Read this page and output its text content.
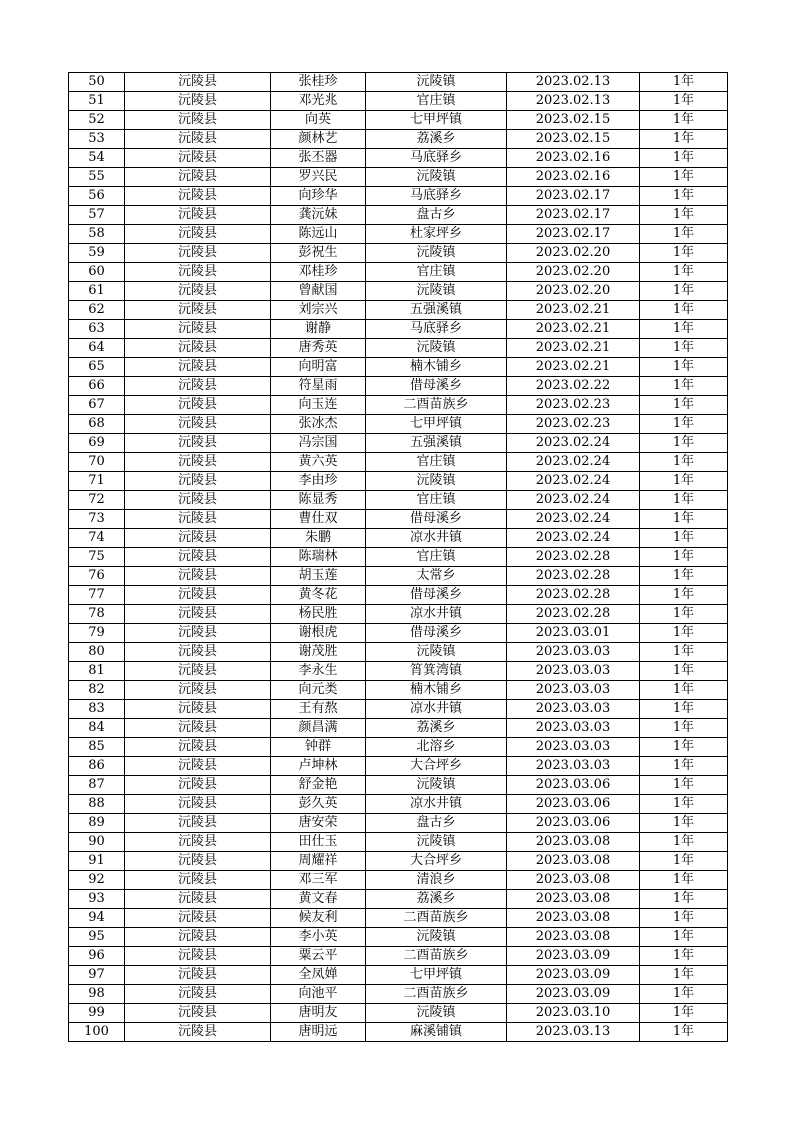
50	沅陵县	张桂珍	沅陵镇	2023.02.13	1年
51	沅陵县	邓光兆	官庄镇	2023.02.13	1年
52	沅陵县	向英	七甲坪镇	2023.02.15	1年
53	沅陵县	颜林艺	荔溪乡	2023.02.15	1年
54	沅陵县	张丕器	马底驿乡	2023.02.16	1年
55	沅陵县	罗兴民	沅陵镇	2023.02.16	1年
56	沅陵县	向珍华	马底驿乡	2023.02.17	1年
57	沅陵县	龚沅妹	盘古乡	2023.02.17	1年
58	沅陵县	陈远山	杜家坪乡	2023.02.17	1年
59	沅陵县	彭祝生	沅陵镇	2023.02.20	1年
60	沅陵县	邓桂珍	官庄镇	2023.02.20	1年
61	沅陵县	曾献国	沅陵镇	2023.02.20	1年
62	沅陵县	刘宗兴	五强溪镇	2023.02.21	1年
63	沅陵县	谢静	马底驿乡	2023.02.21	1年
64	沅陵县	唐秀英	沅陵镇	2023.02.21	1年
65	沅陵县	向明富	楠木铺乡	2023.02.21	1年
66	沅陵县	符星雨	借母溪乡	2023.02.22	1年
67	沅陵县	向玉连	二酉苗族乡	2023.02.23	1年
68	沅陵县	张冰杰	七甲坪镇	2023.02.23	1年
69	沅陵县	冯宗国	五强溪镇	2023.02.24	1年
70	沅陵县	黄六英	官庄镇	2023.02.24	1年
71	沅陵县	李由珍	沅陵镇	2023.02.24	1年
72	沅陵县	陈显秀	官庄镇	2023.02.24	1年
73	沅陵县	曹仕双	借母溪乡	2023.02.24	1年
74	沅陵县	朱鹏	凉水井镇	2023.02.24	1年
75	沅陵县	陈瑞林	官庄镇	2023.02.28	1年
76	沅陵县	胡玉莲	太常乡	2023.02.28	1年
77	沅陵县	黄冬花	借母溪乡	2023.02.28	1年
78	沅陵县	杨民胜	凉水井镇	2023.02.28	1年
79	沅陵县	谢根虎	借母溪乡	2023.03.01	1年
80	沅陵县	谢茂胜	沅陵镇	2023.03.03	1年
81	沅陵县	李永生	筲箕湾镇	2023.03.03	1年
82	沅陵县	向元类	楠木铺乡	2023.03.03	1年
83	沅陵县	王有熬	凉水井镇	2023.03.03	1年
84	沅陵县	颜昌满	荔溪乡	2023.03.03	1年
85	沅陵县	钟群	北溶乡	2023.03.03	1年
86	沅陵县	卢坤林	大合坪乡	2023.03.03	1年
87	沅陵县	舒金艳	沅陵镇	2023.03.06	1年
88	沅陵县	彭久英	凉水井镇	2023.03.06	1年
89	沅陵县	唐安荣	盘古乡	2023.03.06	1年
90	沅陵县	田仕玉	沅陵镇	2023.03.08	1年
91	沅陵县	周耀祥	大合坪乡	2023.03.08	1年
92	沅陵县	邓三军	清浪乡	2023.03.08	1年
93	沅陵县	黄文春	荔溪乡	2023.03.08	1年
94	沅陵县	候友利	二酉苗族乡	2023.03.08	1年
95	沅陵县	李小英	沅陵镇	2023.03.08	1年
96	沅陵县	粟云平	二酉苗族乡	2023.03.09	1年
97	沅陵县	全凤婵	七甲坪镇	2023.03.09	1年
98	沅陵县	向池平	二酉苗族乡	2023.03.09	1年
99	沅陵县	唐明友	沅陵镇	2023.03.10	1年
100	沅陵县	唐明远	麻溪铺镇	2023.03.13	1年
